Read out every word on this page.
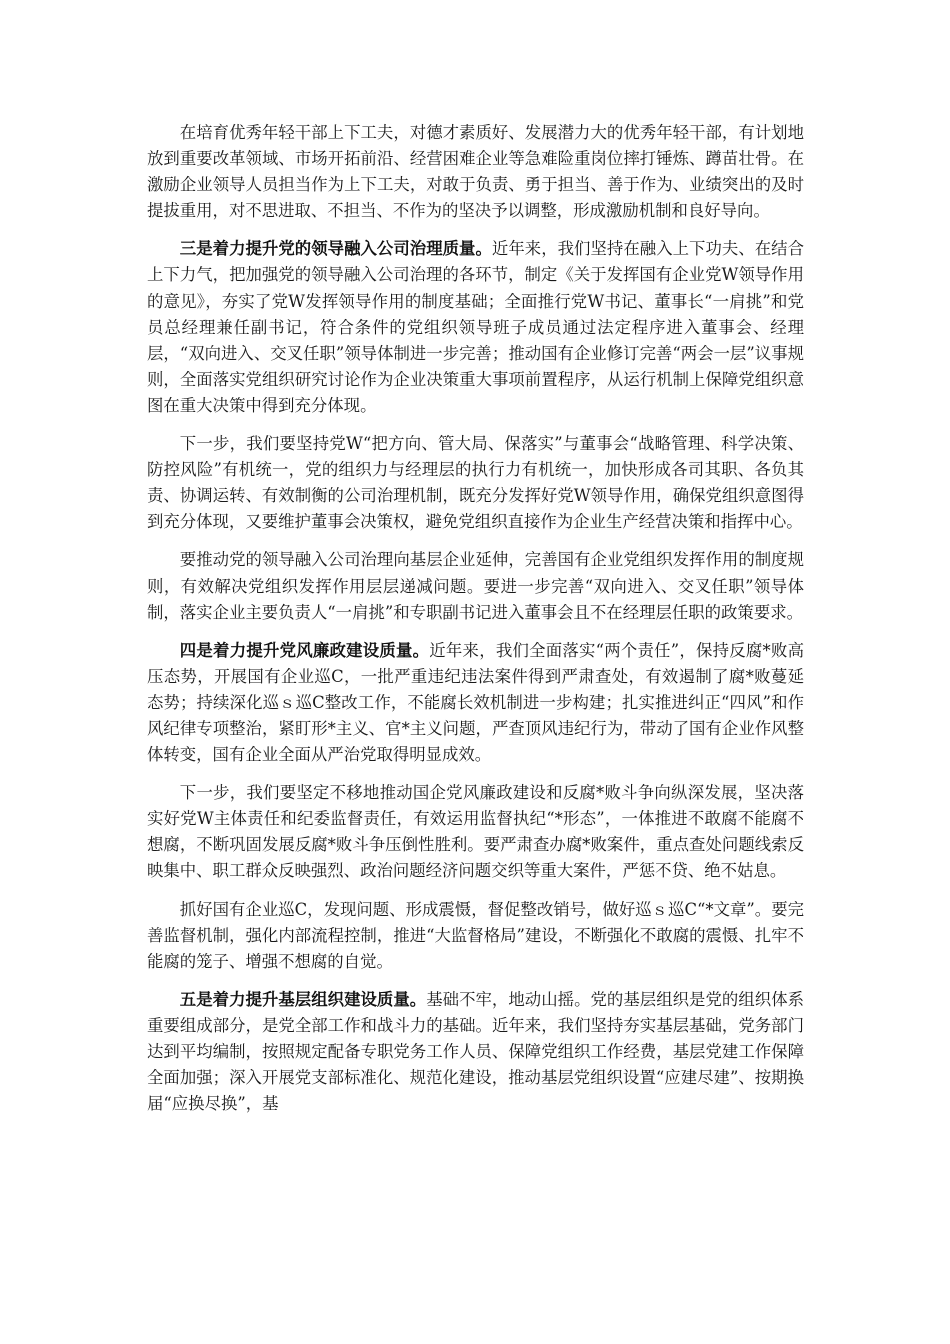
在培育优秀年轻干部上下工夫，对德才素质好、发展潜力大的优秀年轻干部，有计划地放到重要改革领域、市场开拓前沿、经营困难企业等急难险重岗位摔打锤炼、蹲苗壮骨。在激励企业领导人员担当作为上下工夫，对敢于负责、勇于担当、善于作为、业绩突出的及时提拔重用，对不思进取、不担当、不作为的坚决予以调整，形成激励机制和良好导向。

三是着力提升党的领导融入公司治理质量。近年来，我们坚持在融入上下功夫、在结合上下力气，把加强党的领导融入公司治理的各环节，制定《关于发挥国有企业党W领导作用的意见》，夯实了党W发挥领导作用的制度基础；全面推行党W书记、董事长“一肩挑”和党员总经理兼任副书记，符合条件的党组织领导班子成员通过法定程序进入董事会、经理层，“双向进入、交叉任职”领导体制进一步完善；推动国有企业修订完善“两会一层”议事规则，全面落实党组织研究讨论作为企业决策重大事项前置程序，从运行机制上保障党组织意图在重大决策中得到充分体现。

下一步，我们要坚持党W“把方向、管大局、保落实”与董事会“战略管理、科学决策、防控风险”有机统一，党的组织力与经理层的执行力有机统一，加快形成各司其职、各负其责、协调运转、有效制衡的公司治理机制，既充分发挥好党W领导作用，确保党组织意图得到充分体现，又要维护董事会决策权，避免党组织直接作为企业生产经营决策和指挥中心。

要推动党的领导融入公司治理向基层企业延伸，完善国有企业党组织发挥作用的制度规则，有效解决党组织发挥作用层层递减问题。要进一步完善“双向进入、交叉任职”领导体制，落实企业主要负责人“一肩挑”和专职副书记进入董事会且不在经理层任职的政策要求。

四是着力提升党风廉政建设质量。近年来，我们全面落实“两个责任”，保持反腐*败高压态势，开展国有企业巡C，一批严重违纪违法案件得到严肃查处，有效遏制了腐*败蔓延态势；持续深化巡ｓ巡C整改工作，不能腐长效机制进一步构建；扎实推进纠正“四风”和作风纪律专项整治，紧盯形*主义、官*主义问题，严查顶风违纪行为，带动了国有企业作风整体转变，国有企业全面从严治党取得明显成效。

下一步，我们要坚定不移地推动国企党风廉政建设和反腐*败斗争向纵深发展，坚决落实好党W主体责任和纪委监督责任，有效运用监督执纪“*形态”，一体推进不敢腐不能腐不想腐，不断巩固发展反腐*败斗争压倒性胜利。要严肃查办腐*败案件，重点查处问题线索反映集中、职工群众反映强烈、政治问题经济问题交织等重大案件，严惩不贷、绝不姑息。

抓好国有企业巡C，发现问题、形成震慑，督促整改销号，做好巡ｓ巡C“*文章”。要完善监督机制，强化内部流程控制，推进“大监督格局”建设，不断强化不敢腐的震慑、扎牢不能腐的笼子、增强不想腐的自觉。

五是着力提升基层组织建设质量。基础不牢，地动山摇。党的基层组织是党的组织体系重要组成部分，是党全部工作和战斗力的基础。近年来，我们坚持夯实基层基础，党务部门达到平均编制，按照规定配备专职党务工作人员、保障党组织工作经费，基层党建工作保障全面加强；深入开展党支部标准化、规范化建设，推动基层党组织设置“应建尽建”、按期换届“应换尽换”，基
